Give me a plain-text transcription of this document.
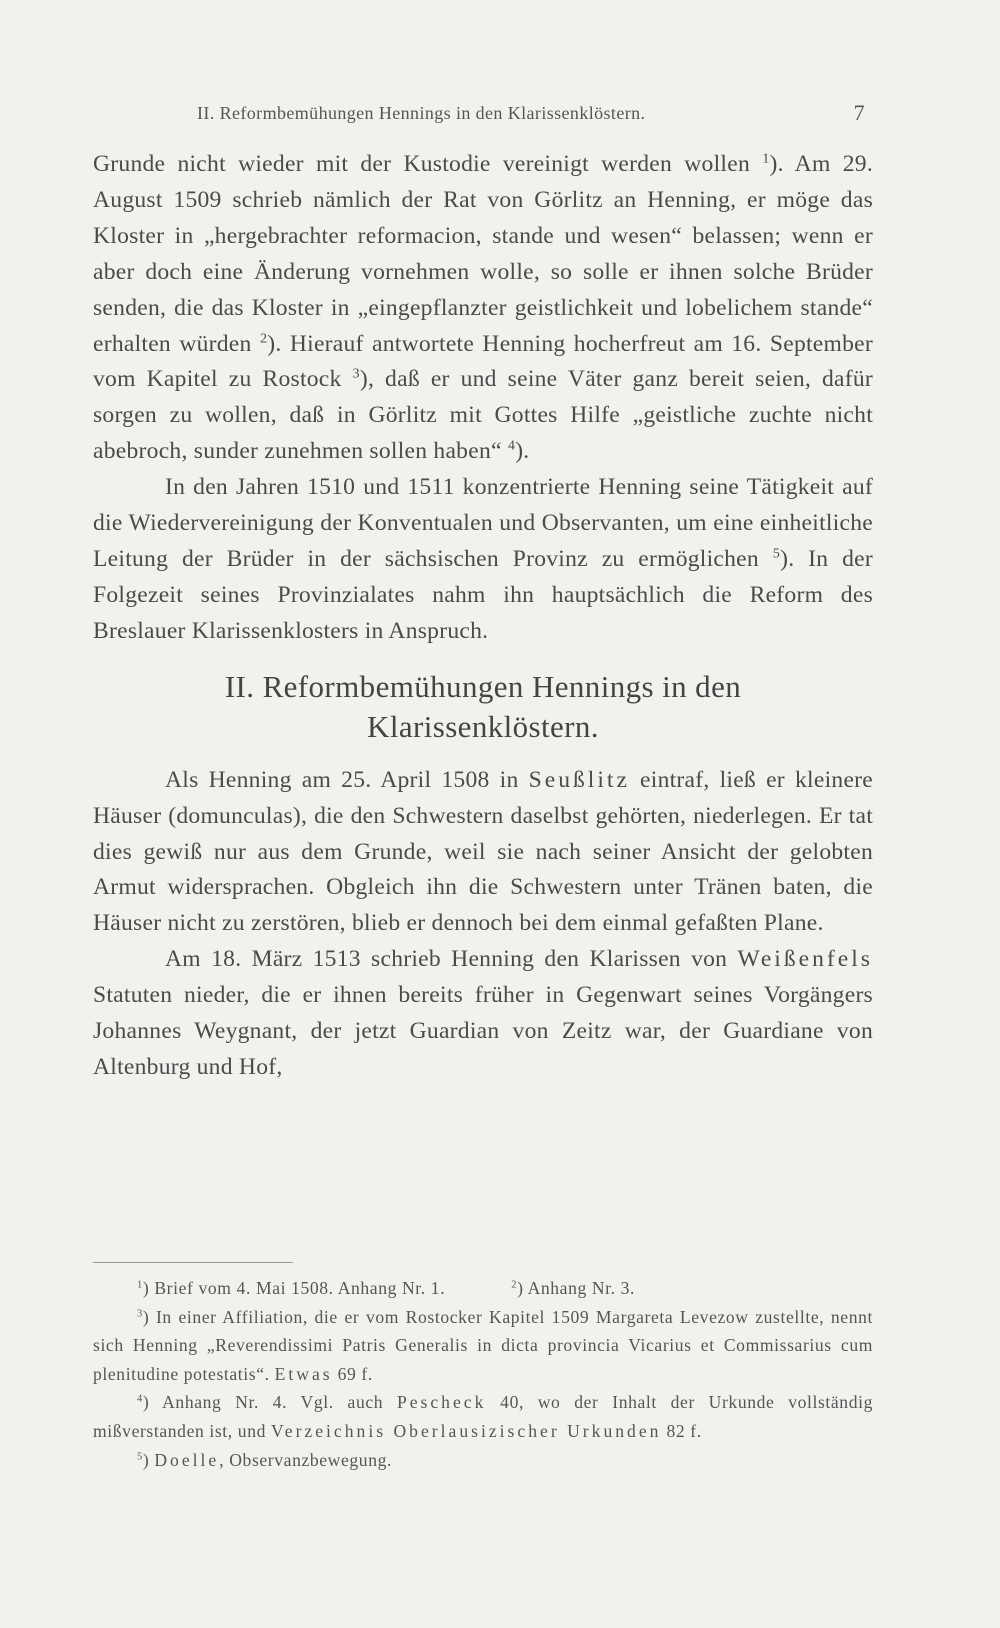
II. Reformbemühungen Hennings in den Klarissenklöstern.	7

Grunde nicht wieder mit der Kustodie vereinigt werden wollen $^1$). Am 29. August 1509 schrieb nämlich der Rat von Görlitz an Henning, er möge das Kloster in „hergebrachter reformacion, stande und wesen“ belassen; wenn er aber doch eine Änderung vornehmen wolle, so solle er ihnen solche Brüder senden, die das Kloster in „eingepflanzter geistlichkeit und lobelichem stande“ erhalten würden $^2$). Hierauf antwortete Henning hocherfreut am 16. September vom Kapitel zu Rostock $^3$), daß er und seine Väter ganz bereit seien, dafür sorgen zu wollen, daß in Görlitz mit Gottes Hilfe „geistliche zuchte nicht abebroch, sunder zunehmen sollen haben“ $^4$).

In den Jahren 1510 und 1511 konzentrierte Henning seine Tätigkeit auf die Wiedervereinigung der Konventualen und Observanten, um eine einheitliche Leitung der Brüder in der sächsischen Provinz zu ermöglichen $^5$). In der Folgezeit seines Provinzialates nahm ihn hauptsächlich die Reform des Breslauer Klarissenklosters in Anspruch.

II. Reformbemühungen Hennings in den
Klarissenklöstern.

Als Henning am 25. April 1508 in Seußlitz eintraf, ließ er kleinere Häuser (domunculas), die den Schwestern daselbst gehörten, niederlegen. Er tat dies gewiß nur aus dem Grunde, weil sie nach seiner Ansicht der gelobten Armut widersprachen. Obgleich ihn die Schwestern unter Tränen baten, die Häuser nicht zu zerstören, blieb er dennoch bei dem einmal gefaßten Plane.

Am 18. März 1513 schrieb Henning den Klarissen von Weißenfels Statuten nieder, die er ihnen bereits früher in Gegenwart seines Vorgängers Johannes Weygnant, der jetzt Guardian von Zeitz war, der Guardiane von Altenburg und Hof,

$^1$) Brief vom 4. Mai 1508. Anhang Nr. 1.	$^2$) Anhang Nr. 3.

$^3$) In einer Affiliation, die er vom Rostocker Kapitel 1509 Margareta Levezow zustellte, nennt sich Henning „Reverendissimi Patris Generalis in dicta provincia Vicarius et Commissarius cum plenitudine potestatis“. Etwas 69 f.

$^4$) Anhang Nr. 4. Vgl. auch Pescheck 40, wo der Inhalt der Urkunde vollständig mißverstanden ist, und Verzeichnis Oberlausizischer Urkunden 82 f.

$^5$) Doelle, Observanzbewegung.
